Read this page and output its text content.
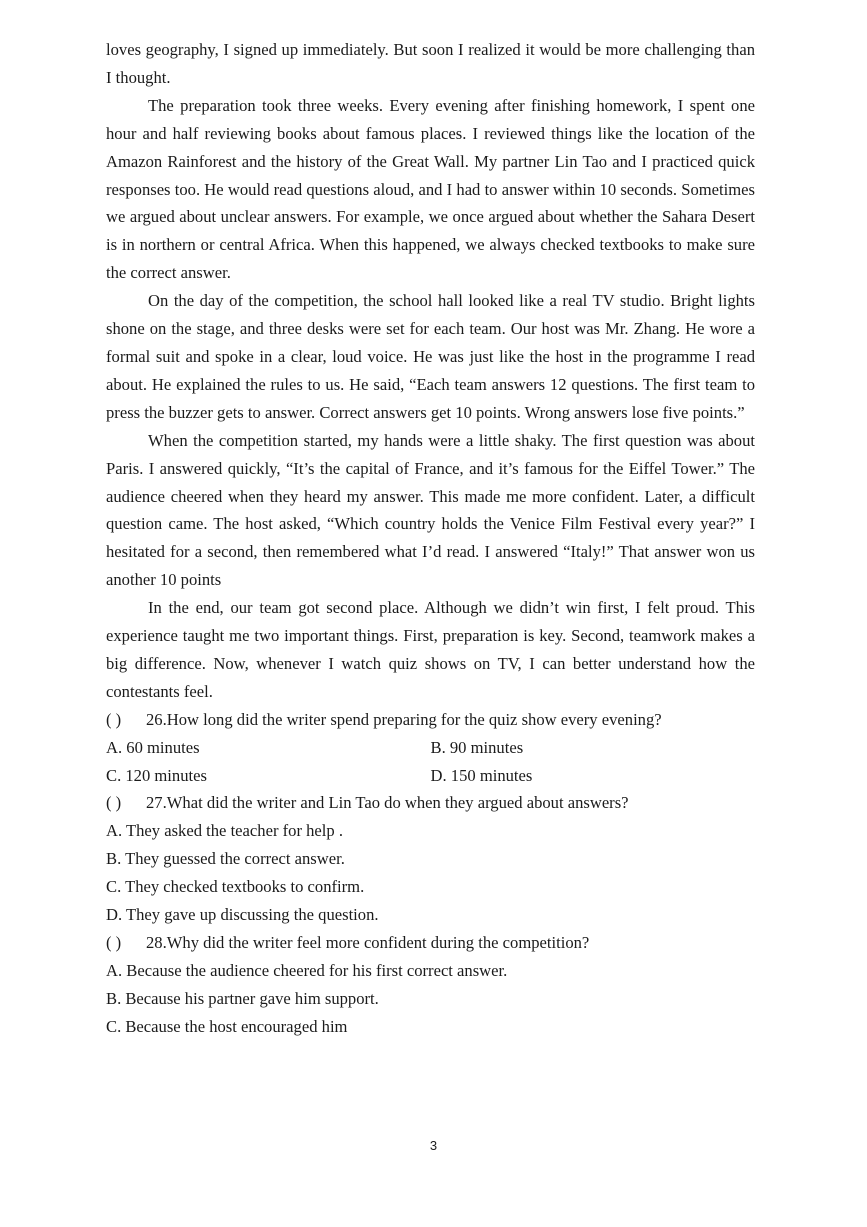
loves geography, I signed up immediately. But soon I realized it would be more challenging than I thought.

The preparation took three weeks. Every evening after finishing homework, I spent one hour and half reviewing books about famous places. I reviewed things like the location of the Amazon Rainforest and the history of the Great Wall. My partner Lin Tao and I practiced quick responses too. He would read questions aloud, and I had to answer within 10 seconds. Sometimes we argued about unclear answers. For example, we once argued about whether the Sahara Desert is in northern or central Africa. When this happened, we always checked textbooks to make sure the correct answer.

On the day of the competition, the school hall looked like a real TV studio. Bright lights shone on the stage, and three desks were set for each team. Our host was Mr. Zhang. He wore a formal suit and spoke in a clear, loud voice. He was just like the host in the programme I read about. He explained the rules to us. He said, “Each team answers 12 questions. The first team to press the buzzer gets to answer. Correct answers get 10 points. Wrong answers lose five points.”

When the competition started, my hands were a little shaky. The first question was about Paris. I answered quickly, “It’s the capital of France, and it’s famous for the Eiffel Tower.” The audience cheered when they heard my answer. This made me more confident. Later, a difficult question came. The host asked, “Which country holds the Venice Film Festival every year?” I hesitated for a second, then remembered what I’d read. I answered “Italy!” That answer won us another 10 points

In the end, our team got second place. Although we didn’t win first, I felt proud. This experience taught me two important things. First, preparation is key. Second, teamwork makes a big difference. Now, whenever I watch quiz shows on TV, I can better understand how the contestants feel.

( )	26.How long did the writer spend preparing for the quiz show every evening?
A. 60 minutes	B. 90 minutes
C. 120 minutes	D. 150 minutes
( )	27.What did the writer and Lin Tao do when they argued about answers?

A. They asked the teacher for help .

B. They guessed the correct answer.

C. They checked textbooks to confirm.

D. They gave up discussing the question.

( )	28.Why did the writer feel more confident during the competition?

A. Because the audience cheered for his first correct answer.

B. Because his partner gave him support.

C. Because the host encouraged him

3
